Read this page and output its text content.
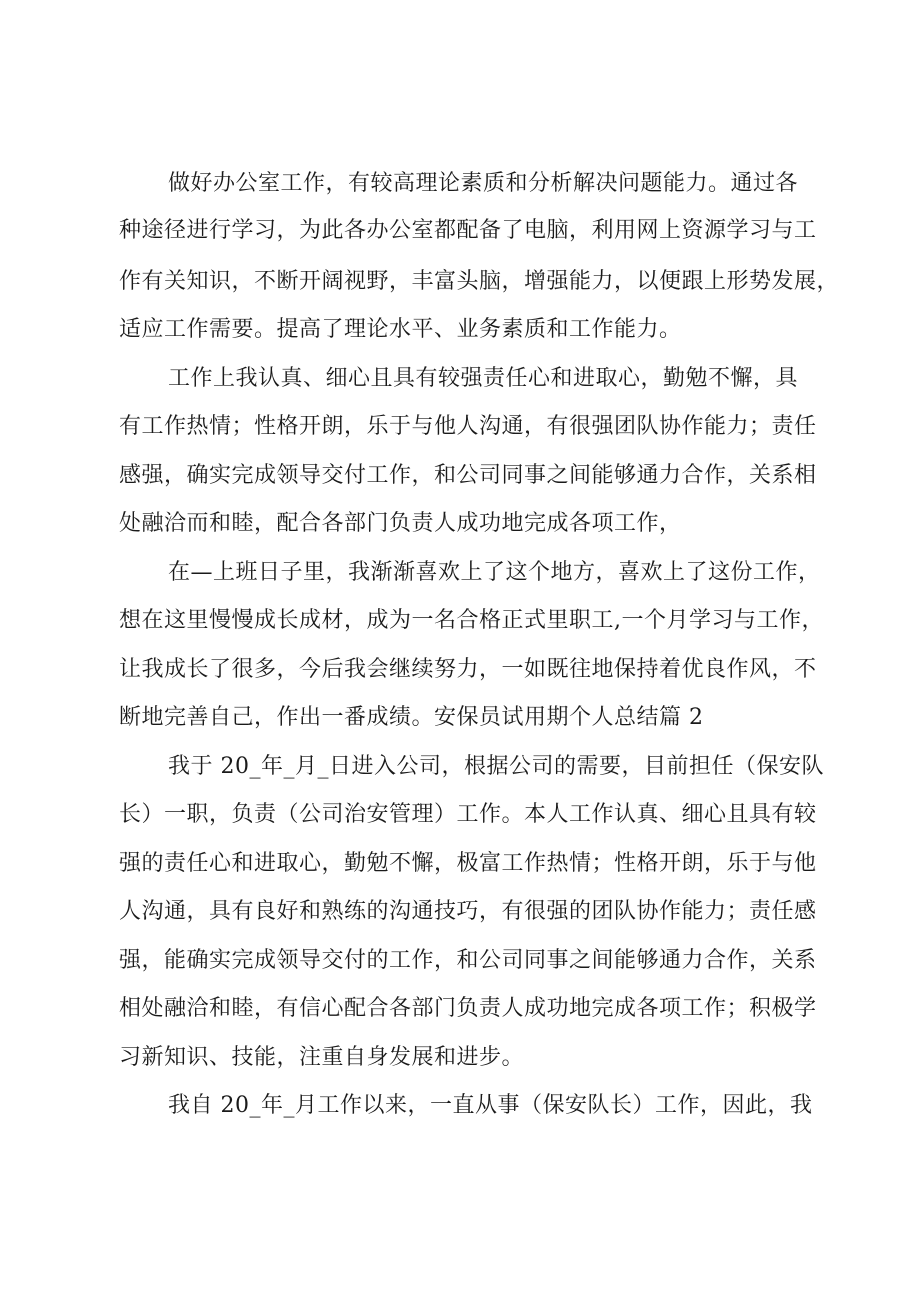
做好办公室工作，有较高理论素质和分析解决问题能力。通过各
种途径进行学习，为此各办公室都配备了电脑，利用网上资源学习与工
作有关知识，不断开阔视野，丰富头脑，增强能力，以便跟上形势发展，
适应工作需要。提高了理论水平、业务素质和工作能力。
工作上我认真、细心且具有较强责任心和进取心，勤勉不懈，具
有工作热情；性格开朗，乐于与他人沟通，有很强团队协作能力；责任
感强，确实完成领导交付工作，和公司同事之间能够通力合作，关系相
处融洽而和睦，配合各部门负责人成功地完成各项工作，
在—上班日子里，我渐渐喜欢上了这个地方，喜欢上了这份工作，
想在这里慢慢成长成材，成为一名合格正式里职工,一个月学习与工作，
让我成长了很多，今后我会继续努力，一如既往地保持着优良作风，不
断地完善自己，作出一番成绩。安保员试用期个人总结篇 2
我于 20_年_月_日进入公司，根据公司的需要，目前担任（保安队
长）一职，负责（公司治安管理）工作。本人工作认真、细心且具有较
强的责任心和进取心，勤勉不懈，极富工作热情；性格开朗，乐于与他
人沟通，具有良好和熟练的沟通技巧，有很强的团队协作能力；责任感
强，能确实完成领导交付的工作，和公司同事之间能够通力合作，关系
相处融洽和睦，有信心配合各部门负责人成功地完成各项工作；积极学
习新知识、技能，注重自身发展和进步。
我自 20_年_月工作以来，一直从事（保安队长）工作，因此，我
